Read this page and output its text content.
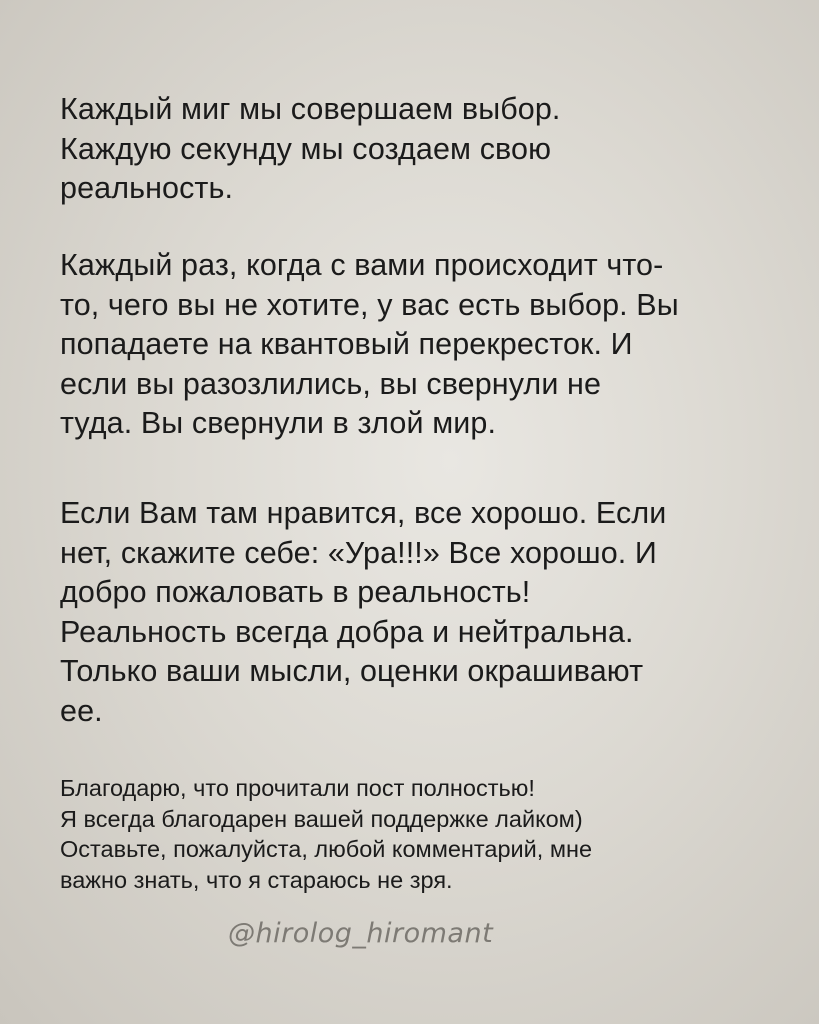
Каждый миг мы совершаем выбор.
Каждую секунду мы создаем свою
реальность.

Каждый раз, когда с вами происходит что-
то, чего вы не хотите, у вас есть выбор. Вы
попадаете на квантовый перекресток. И
если вы разозлились, вы свернули не
туда. Вы свернули в злой мир.

Если Вам там нравится, все хорошо. Если
нет, скажите себе: «Ура!!!» Все хорошо. И
добро пожаловать в реальность!
Реальность всегда добра и нейтральна.
Только ваши мысли, оценки окрашивают
ее.

Благодарю, что прочитали пост полностью!
Я всегда благодарен вашей поддержке лайком)
Оставьте, пожалуйста, любой комментарий, мне
важно знать, что я стараюсь не зря.

@hirolog_hiromant
